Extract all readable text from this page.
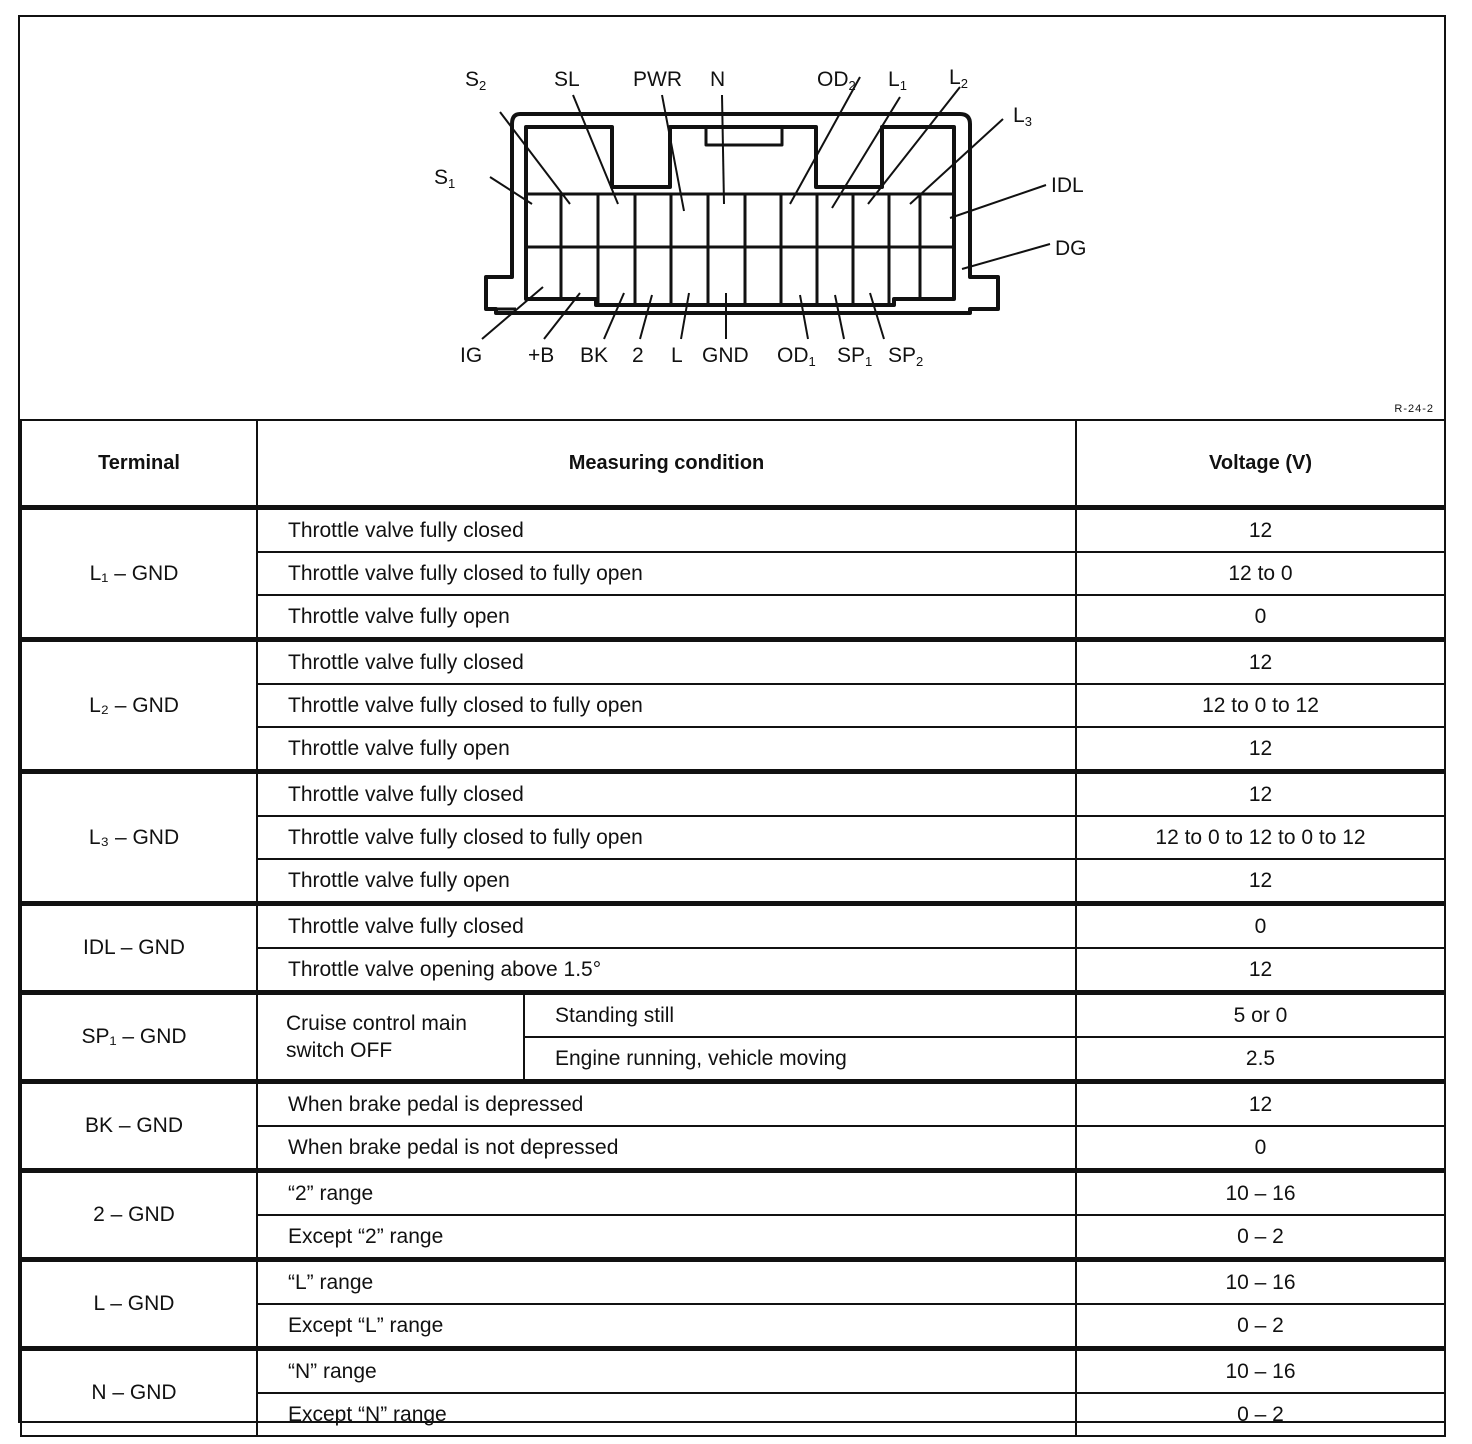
$S_2$	SL	PWR N	$OD_2$ $L_1$ $L_2$
$L_3$
$S_1$	IDL
DG
IG +B BK 2 L GND $OD_1$ $SP_1$ $SP_2$
R-24-2
Terminal	Measuring condition		Voltage (V)
L₁ – GND	Throttle valve fully closed		12
	Throttle valve fully closed to fully open		12 to 0
	Throttle valve fully open		0
L₂ – GND	Throttle valve fully closed		12
	Throttle valve fully closed to fully open		12 to 0 to 12
	Throttle valve fully open		12
L₃ – GND	Throttle valve fully closed		12
	Throttle valve fully closed to fully open		12 to 0 to 12 to 0 to 12
	Throttle valve fully open		12
IDL – GND	Throttle valve fully closed		0
	Throttle valve opening above 1.5°		12
SP₁ – GND	Cruise control main switch OFF	Standing still	5 or 0
		Engine running, vehicle moving	2.5
BK – GND	When brake pedal is depressed		12
	When brake pedal is not depressed		0
2 – GND	“2” range		10 – 16
	Except “2” range		0 – 2
L – GND	“L” range		10 – 16
	Except “L” range		0 – 2
N – GND	“N” range		10 – 16
	Except “N” range		0 – 2
